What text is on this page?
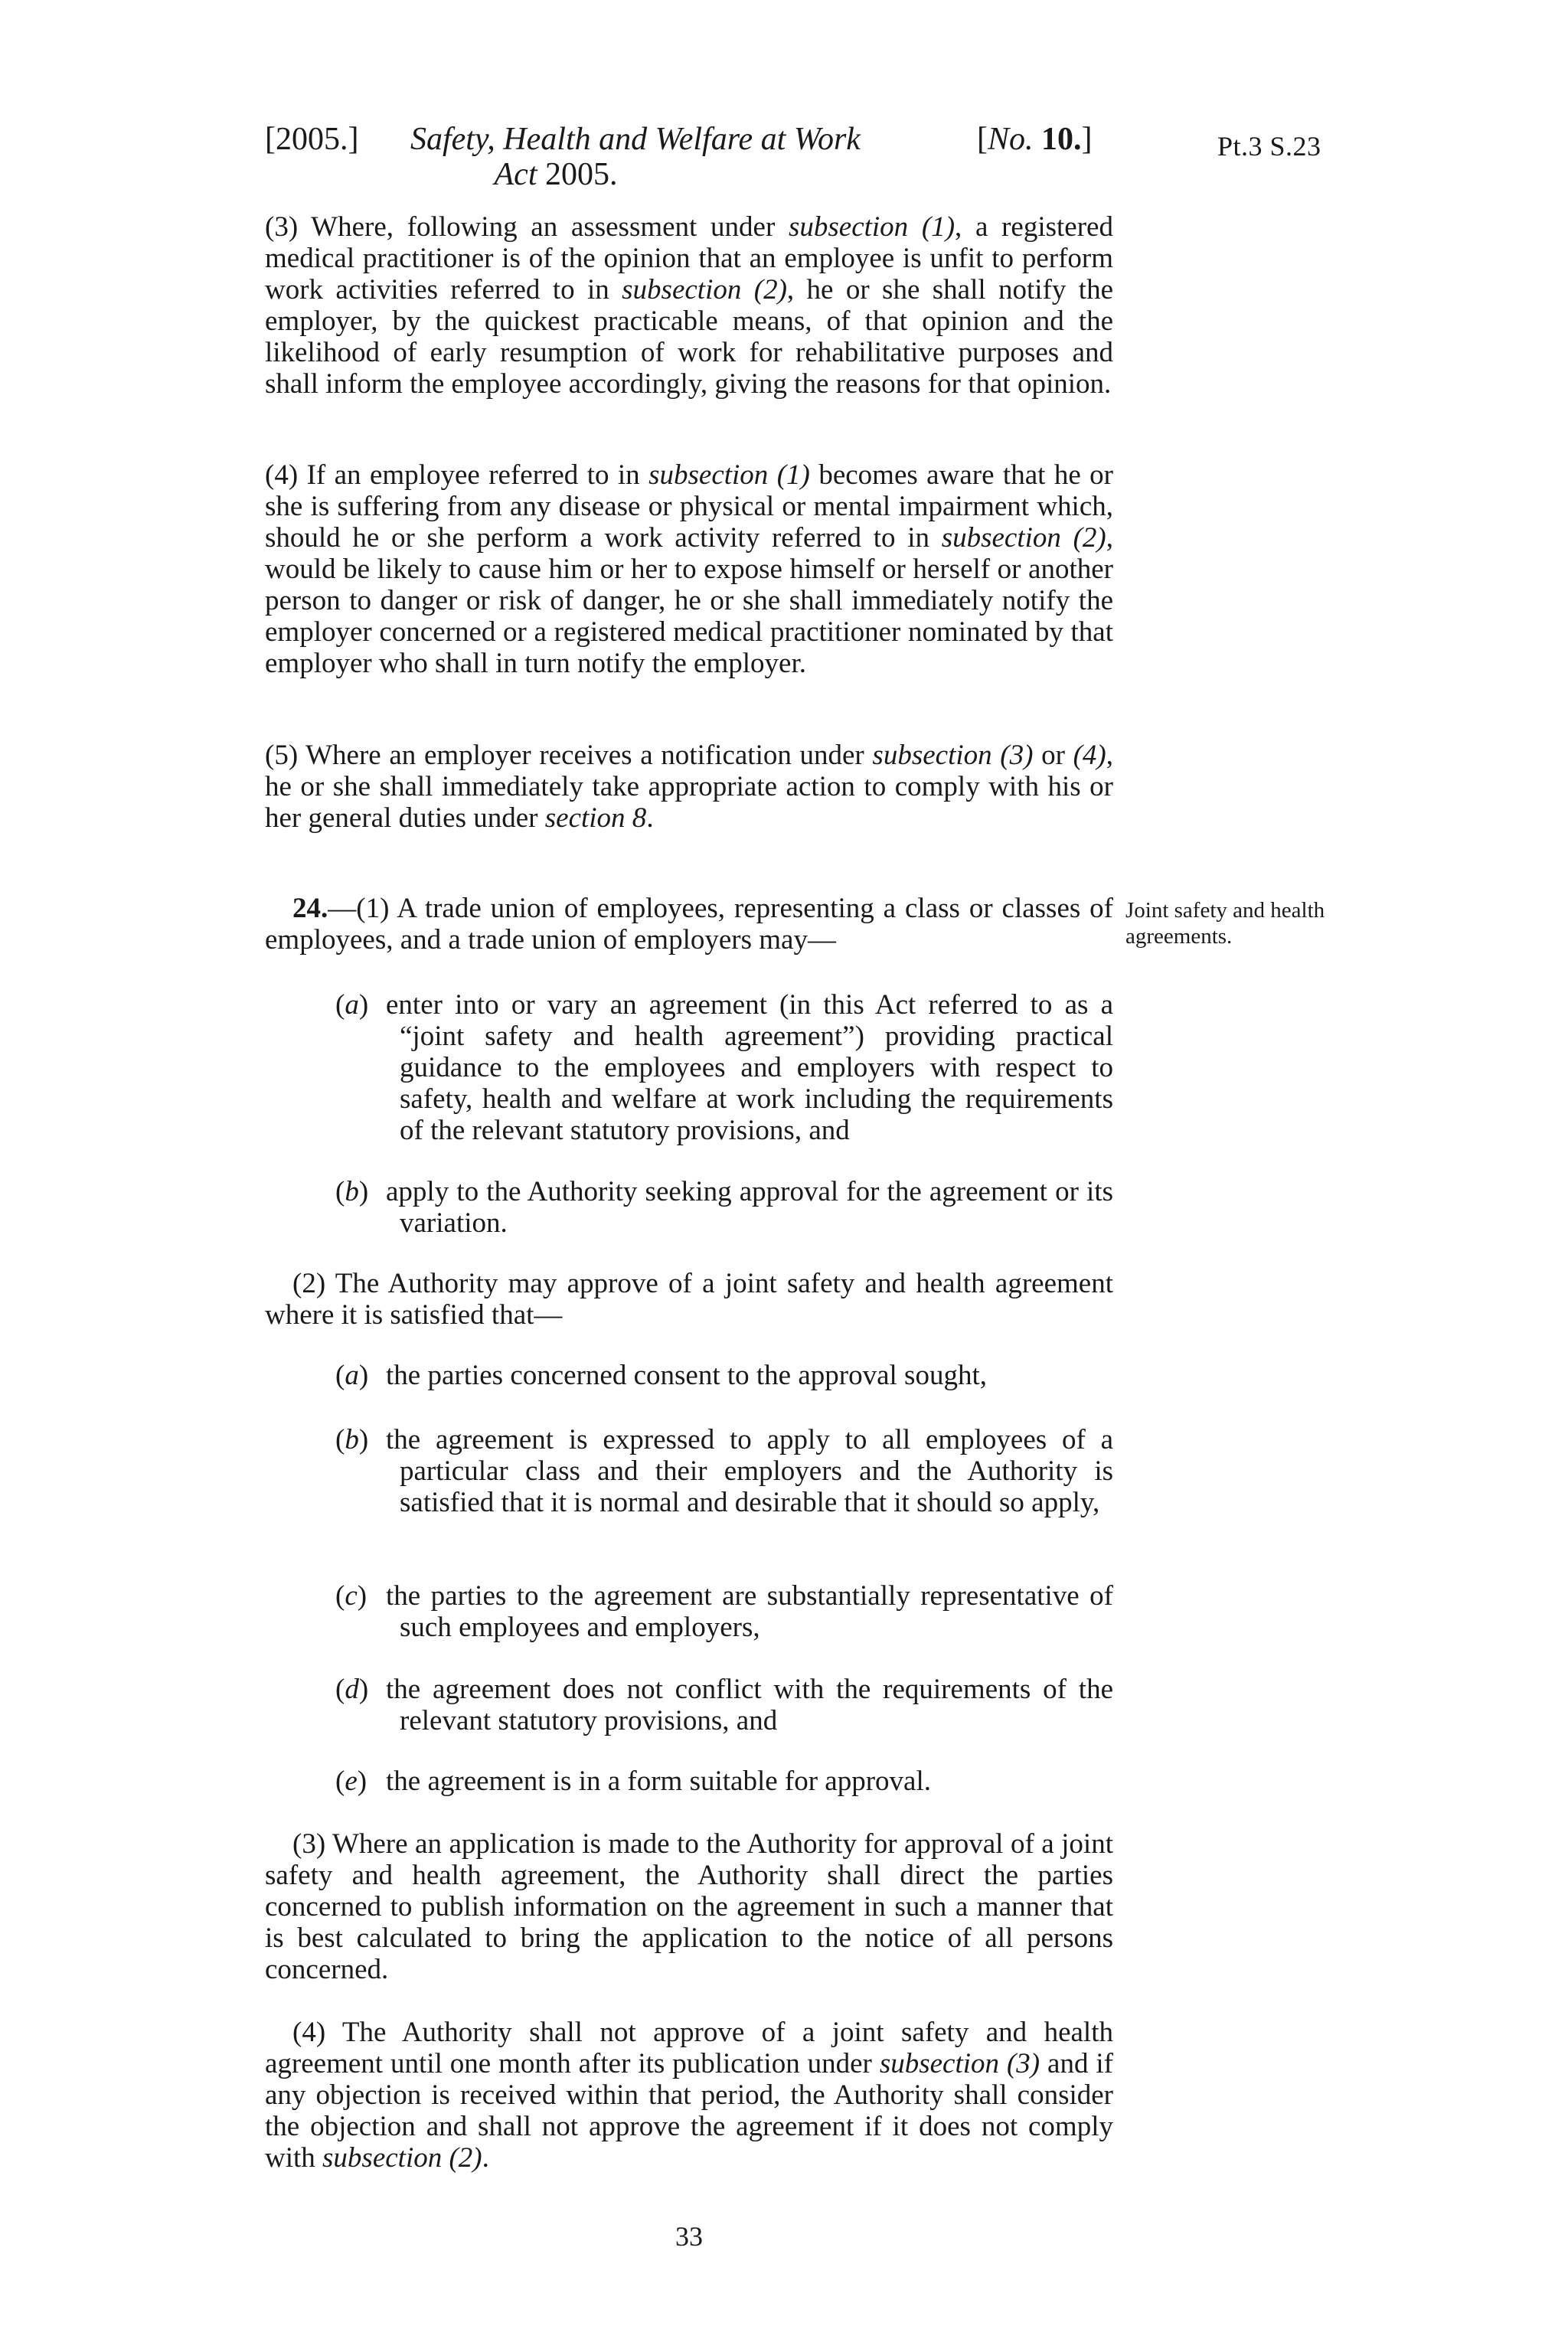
[2005.] Safety, Health and Welfare at Work	[No. 10.]
Act 2005.
Pt.3 S.23

(3) Where, following an assessment under subsection (1), a registered medical practitioner is of the opinion that an employee is unfit to perform work activities referred to in subsection (2), he or she shall notify the employer, by the quickest practicable means, of that opinion and the likelihood of early resumption of work for rehabilitative purposes and shall inform the employee accordingly, giving the reasons for that opinion.

(4) If an employee referred to in subsection (1) becomes aware that he or she is suffering from any disease or physical or mental impairment which, should he or she perform a work activity referred to in subsection (2), would be likely to cause him or her to expose himself or herself or another person to danger or risk of danger, he or she shall immediately notify the employer concerned or a registered medical practitioner nominated by that employer who shall in turn notify the employer.

(5) Where an employer receives a notification under subsection (3) or (4), he or she shall immediately take appropriate action to comply with his or her general duties under section 8.

24.—(1) A trade union of employees, representing a class or classes of employees, and a trade union of employers may—

Joint safety and health agreements.
(a) enter into or vary an agreement (in this Act referred to as a “joint safety and health agreement”) providing practical guidance to the employees and employers with respect to safety, health and welfare at work including the requirements of the relevant statutory provisions, and
(b) apply to the Authority seeking approval for the agreement or its variation.

(2) The Authority may approve of a joint safety and health agreement where it is satisfied that—

(a) the parties concerned consent to the approval sought,
(b) the agreement is expressed to apply to all employees of a particular class and their employers and the Authority is satisfied that it is normal and desirable that it should so apply,
(c) the parties to the agreement are substantially representative of such employees and employers,
(d) the agreement does not conflict with the requirements of the relevant statutory provisions, and
(e) the agreement is in a form suitable for approval.

(3) Where an application is made to the Authority for approval of a joint safety and health agreement, the Authority shall direct the parties concerned to publish information on the agreement in such a manner that is best calculated to bring the application to the notice of all persons concerned.

(4) The Authority shall not approve of a joint safety and health agreement until one month after its publication under subsection (3) and if any objection is received within that period, the Authority shall consider the objection and shall not approve the agreement if it does not comply with subsection (2).

33
